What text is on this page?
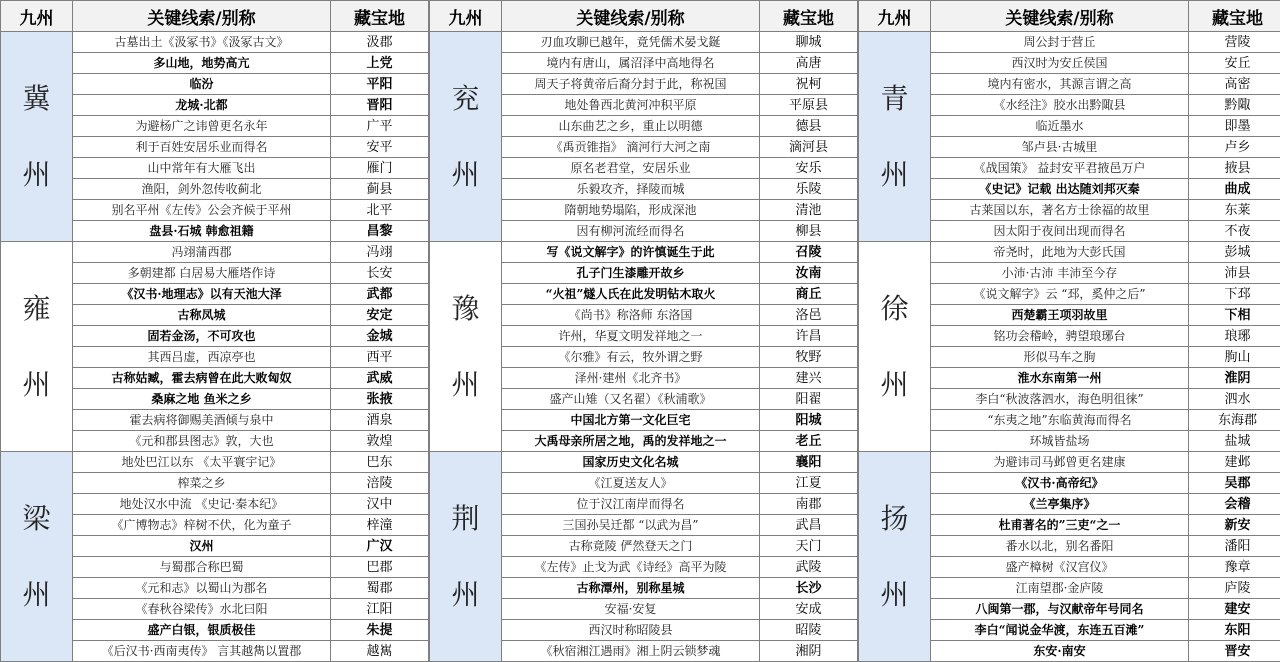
九州	关键线索/别称	藏宝地

冀
州	古墓出土《汲冢书》《汲冢古文》	汲郡
	多山地，地势高亢	上党
	临汾	平阳
	龙城·北都	晋阳
	为避杨广之讳曾更名永年	广平
	利于百姓安居乐业而得名	安平
	山中常年有大雁飞出	雁门
	渔阳，剑外忽传收蓟北	蓟县
	别名平州《左传》公会齐候于平州	北平
	盘县·石城 韩愈祖籍	昌黎

雍
州	冯翊蒲西郡	冯翊
	多朝建都 白居易大雁塔作诗	长安
	《汉书·地理志》以有天池大泽	武都
	古称凤城	安定
	固若金汤，不可攻也	金城
	其西吕虚，西凉亭也	西平
	古称姑臧，霍去病曾在此大败匈奴	武威
	桑麻之地 鱼米之乡	张掖
	霍去病将御赐美酒倾与泉中	酒泉
	《元和郡县图志》敦，大也	敦煌

梁
州	地处巴江以东 《太平寰宇记》	巴东
	榨菜之乡	涪陵
	地处汉水中流 《史记·秦本纪》	汉中
	《广博物志》梓树不伏，化为童子	梓潼
	汉州	广汉
	与蜀郡合称巴蜀	巴郡
	《元和志》以蜀山为郡名	蜀郡
	《春秋谷梁传》水北曰阳	江阳
	盛产白银，银质极佳	朱提
	《后汉书·西南夷传》 言其越雋以置郡	越嶲
九州	关键线索/别称	藏宝地

兖
州	刃血攻聊已越年，竟凭儒术晏戈鋋	聊城
	境内有唐山，属沼泽中高地得名	高唐
	周天子将黄帝后裔分封于此，称祝国	祝柯
	地处鲁西北黄河冲积平原	平原县
	山东曲艺之乡，重止以明德	德县
	《禹贡锥指》 滴河行大河之南	滴河县
	原名老君堂，安居乐业	安乐
	乐毅攻齐，择陵而城	乐陵
	隋朝地势塌陷，形成深池	清池
	因有柳河流经而得名	柳县

豫
州	写《说文解字》的许慎诞生于此	召陵
	孔子门生漆雕开故乡	汝南
	“火祖”燧人氏在此发明钻木取火	商丘
	《尚书》称洛师 东洛国	洛邑
	许州，华夏文明发祥地之一	许昌
	《尔雅》有云，牧外谓之野	牧野
	泽州·建州《北齐书》	建兴
	盛产山雉（又名翟）《秋浦歌》	阳翟
	中国北方第一文化巨宅	阳城
	大禹母亲所居之地，禹的发祥地之一	老丘

荆
州	国家历史文化名城	襄阳
	《江夏送友人》	江夏
	位于汉江南岸而得名	南郡
	三国孙吴迁都 “以武为昌”	武昌
	古称竟陵 俨然登天之门	天门
	《左传》止戈为武《诗经》高平为陵	武陵
	古称潭州，别称星城	长沙
	安福·安复	安成
	西汉时称昭陵县	昭陵
	《秋宿湘江遇雨》湘上阴云锁梦魂	湘阴
九州	关键线索/别称	藏宝地

青
州	周公封于营丘	营陵
	西汉时为安丘侯国	安丘
	境内有密水，其源言谓之高	高密
	《水经注》胶水出黔陬县	黔陬
	临近墨水	即墨
	邹卢县·古城里	卢乡
	《战国策》 益封安平君掖邑万户	掖县
	《史记》记载 出达随刘邦灭秦	曲成
	古莱国以东，著名方士徐福的故里	东莱
	因太阳于夜间出现而得名	不夜

徐
州	帝尧时，此地为大彭氏国	彭城
	小沛·古沛 丰沛至今存	沛县
	《说文解字》云 “邳，奚仲之后”	下邳
	西楚霸王项羽故里	下相
	铭功会稽岭，骋望琅琊台	琅琊
	形似马车之朐	朐山
	淮水东南第一州	淮阴
	李白“秋波落泗水，海色明徂徕”	泗水
	“东夷之地”东临黄海而得名	东海郡
	环城皆盐场	盐城

扬
州	为避讳司马邺曾更名建康	建邺
	《汉书·高帝纪》	吴郡
	《兰亭集序》	会稽
	杜甫著名的”三吏“之一	新安
	番水以北，别名番阳	潘阳
	盛产樟树《汉宫仪》	豫章
	江南望郡·金庐陵	庐陵
	八闽第一郡，与汉献帝年号同名	建安
	李白“闻说金华渡，东连五百滩”	东阳
	东安·南安	晋安
